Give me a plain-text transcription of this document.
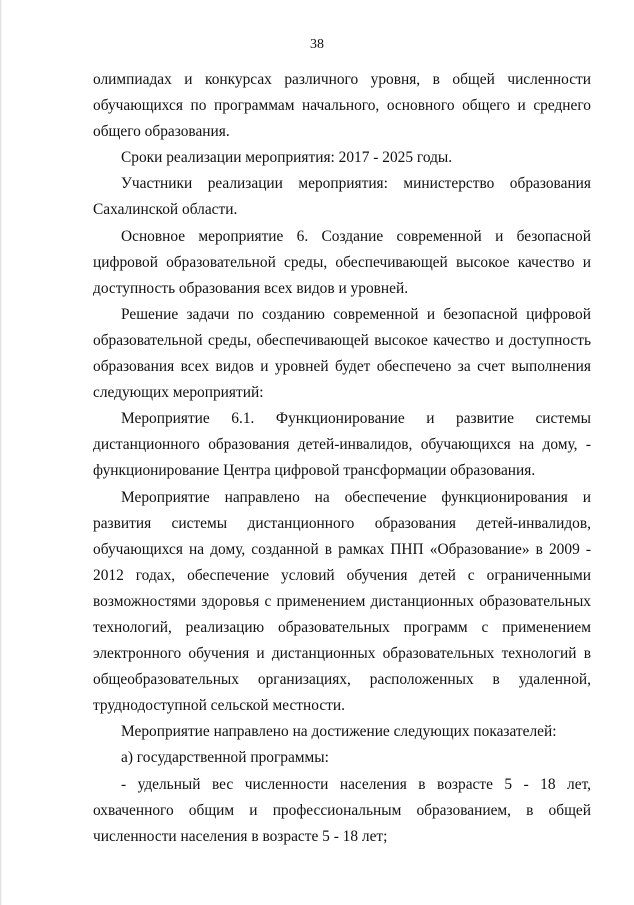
38

олимпиадах и конкурсах различного уровня, в общей численности обучающихся по программам начального, основного общего и среднего общего образования.

Сроки реализации мероприятия: 2017 - 2025 годы.

Участники реализации мероприятия: министерство образования Сахалинской области.

Основное мероприятие 6. Создание современной и безопасной цифровой образовательной среды, обеспечивающей высокое качество и доступность образования всех видов и уровней.

Решение задачи по созданию современной и безопасной цифровой образовательной среды, обеспечивающей высокое качество и доступность образования всех видов и уровней будет обеспечено за счет выполнения следующих мероприятий:

Мероприятие 6.1. Функционирование и развитие системы дистанционного образования детей-инвалидов, обучающихся на дому, - функционирование Центра цифровой трансформации образования.

Мероприятие направлено на обеспечение функционирования и развития системы дистанционного образования детей-инвалидов, обучающихся на дому, созданной в рамках ПНП «Образование» в 2009 - 2012 годах, обеспечение условий обучения детей с ограниченными возможностями здоровья с применением дистанционных образовательных технологий, реализацию образовательных программ с применением электронного обучения и дистанционных образовательных технологий в общеобразовательных организациях, расположенных в удаленной, труднодоступной сельской местности.

Мероприятие направлено на достижение следующих показателей:

а) государственной программы:

- удельный вес численности населения в возрасте 5 - 18 лет, охваченного общим и профессиональным образованием, в общей численности населения в возрасте 5 - 18 лет;
